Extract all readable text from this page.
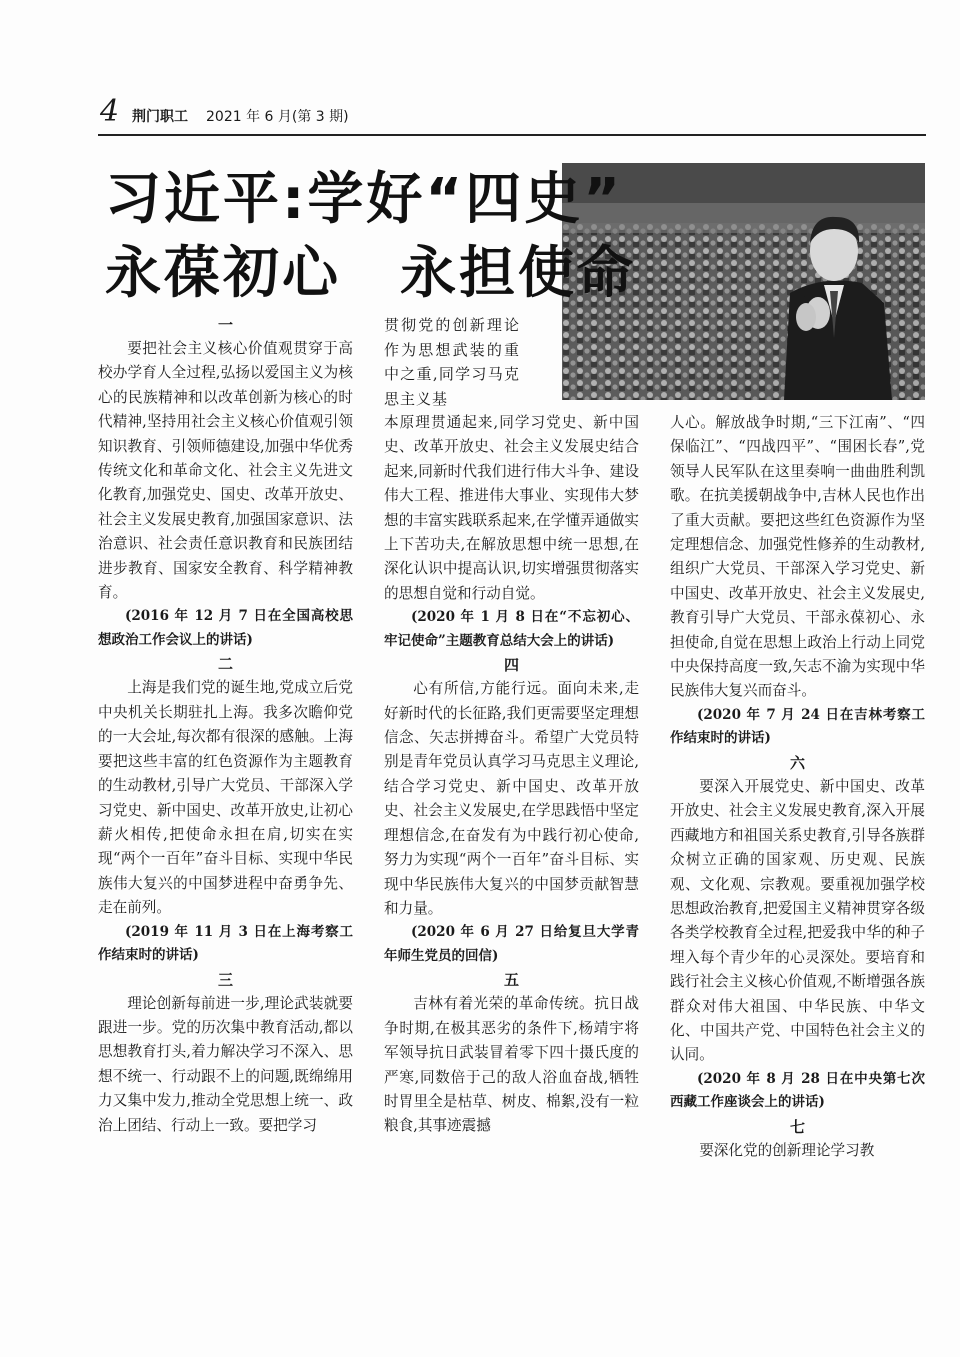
4 荆门职工 2021 年 6 月(第 3 期)
习近平:学好“四史”
永葆初心　永担使命
一

要把社会主义核心价值观贯穿于高校办学育人全过程,弘扬以爱国主义为核心的民族精神和以改革创新为核心的时代精神,坚持用社会主义核心价值观引领知识教育、引领师德建设,加强中华优秀传统文化和革命文化、社会主义先进文化教育,加强党史、国史、改革开放史、社会主义发展史教育,加强国家意识、法治意识、社会责任意识教育和民族团结进步教育、国家安全教育、科学精神教育。

(2016 年 12 月 7 日在全国高校思想政治工作会议上的讲话)

二

上海是我们党的诞生地,党成立后党中央机关长期驻扎上海。我多次瞻仰党的一大会址,每次都有很深的感触。上海要把这些丰富的红色资源作为主题教育的生动教材,引导广大党员、干部深入学习党史、新中国史、改革开放史,让初心薪火相传,把使命永担在肩,切实在实现“两个一百年”奋斗目标、实现中华民族伟大复兴的中国梦进程中奋勇争先、走在前列。

(2019 年 11 月 3 日在上海考察工作结束时的讲话)

三

理论创新每前进一步,理论武装就要跟进一步。党的历次集中教育活动,都以思想教育打头,着力解决学习不深入、思想不统一、行动跟不上的问题,既绵绵用力又集中发力,推动全党思想上统一、政治上团结、行动上一致。要把学习

贯彻党的创新理论作为思想武装的重中之重,同学习马克思主义基

本原理贯通起来,同学习党史、新中国史、改革开放史、社会主义发展史结合起来,同新时代我们进行伟大斗争、建设伟大工程、推进伟大事业、实现伟大梦想的丰富实践联系起来,在学懂弄通做实上下苦功夫,在解放思想中统一思想,在深化认识中提高认识,切实增强贯彻落实的思想自觉和行动自觉。

(2020 年 1 月 8 日在“不忘初心、牢记使命”主题教育总结大会上的讲话)

四

心有所信,方能行远。面向未来,走好新时代的长征路,我们更需要坚定理想信念、矢志拼搏奋斗。希望广大党员特别是青年党员认真学习马克思主义理论,结合学习党史、新中国史、改革开放史、社会主义发展史,在学思践悟中坚定理想信念,在奋发有为中践行初心使命,努力为实现“两个一百年”奋斗目标、实现中华民族伟大复兴的中国梦贡献智慧和力量。

(2020 年 6 月 27 日给复旦大学青年师生党员的回信)

五

吉林有着光荣的革命传统。抗日战争时期,在极其恶劣的条件下,杨靖宇将军领导抗日武装冒着零下四十摄氏度的严寒,同数倍于己的敌人浴血奋战,牺牲时胃里全是枯草、树皮、棉絮,没有一粒粮食,其事迹震撼

人心。解放战争时期,“三下江南”、“四保临江”、“四战四平”、“围困长春”,党领导人民军队在这里奏响一曲曲胜利凯歌。在抗美援朝战争中,吉林人民也作出了重大贡献。要把这些红色资源作为坚定理想信念、加强党性修养的生动教材,组织广大党员、干部深入学习党史、新中国史、改革开放史、社会主义发展史,教育引导广大党员、干部永葆初心、永担使命,自觉在思想上政治上行动上同党中央保持高度一致,矢志不渝为实现中华民族伟大复兴而奋斗。

(2020 年 7 月 24 日在吉林考察工作结束时的讲话)

六

要深入开展党史、新中国史、改革开放史、社会主义发展史教育,深入开展西藏地方和祖国关系史教育,引导各族群众树立正确的国家观、历史观、民族观、文化观、宗教观。要重视加强学校思想政治教育,把爱国主义精神贯穿各级各类学校教育全过程,把爱我中华的种子埋入每个青少年的心灵深处。要培育和践行社会主义核心价值观,不断增强各族群众对伟大祖国、中华民族、中华文化、中国共产党、中国特色社会主义的认同。

(2020 年 8 月 28 日在中央第七次西藏工作座谈会上的讲话)

七

要深化党的创新理论学习教
